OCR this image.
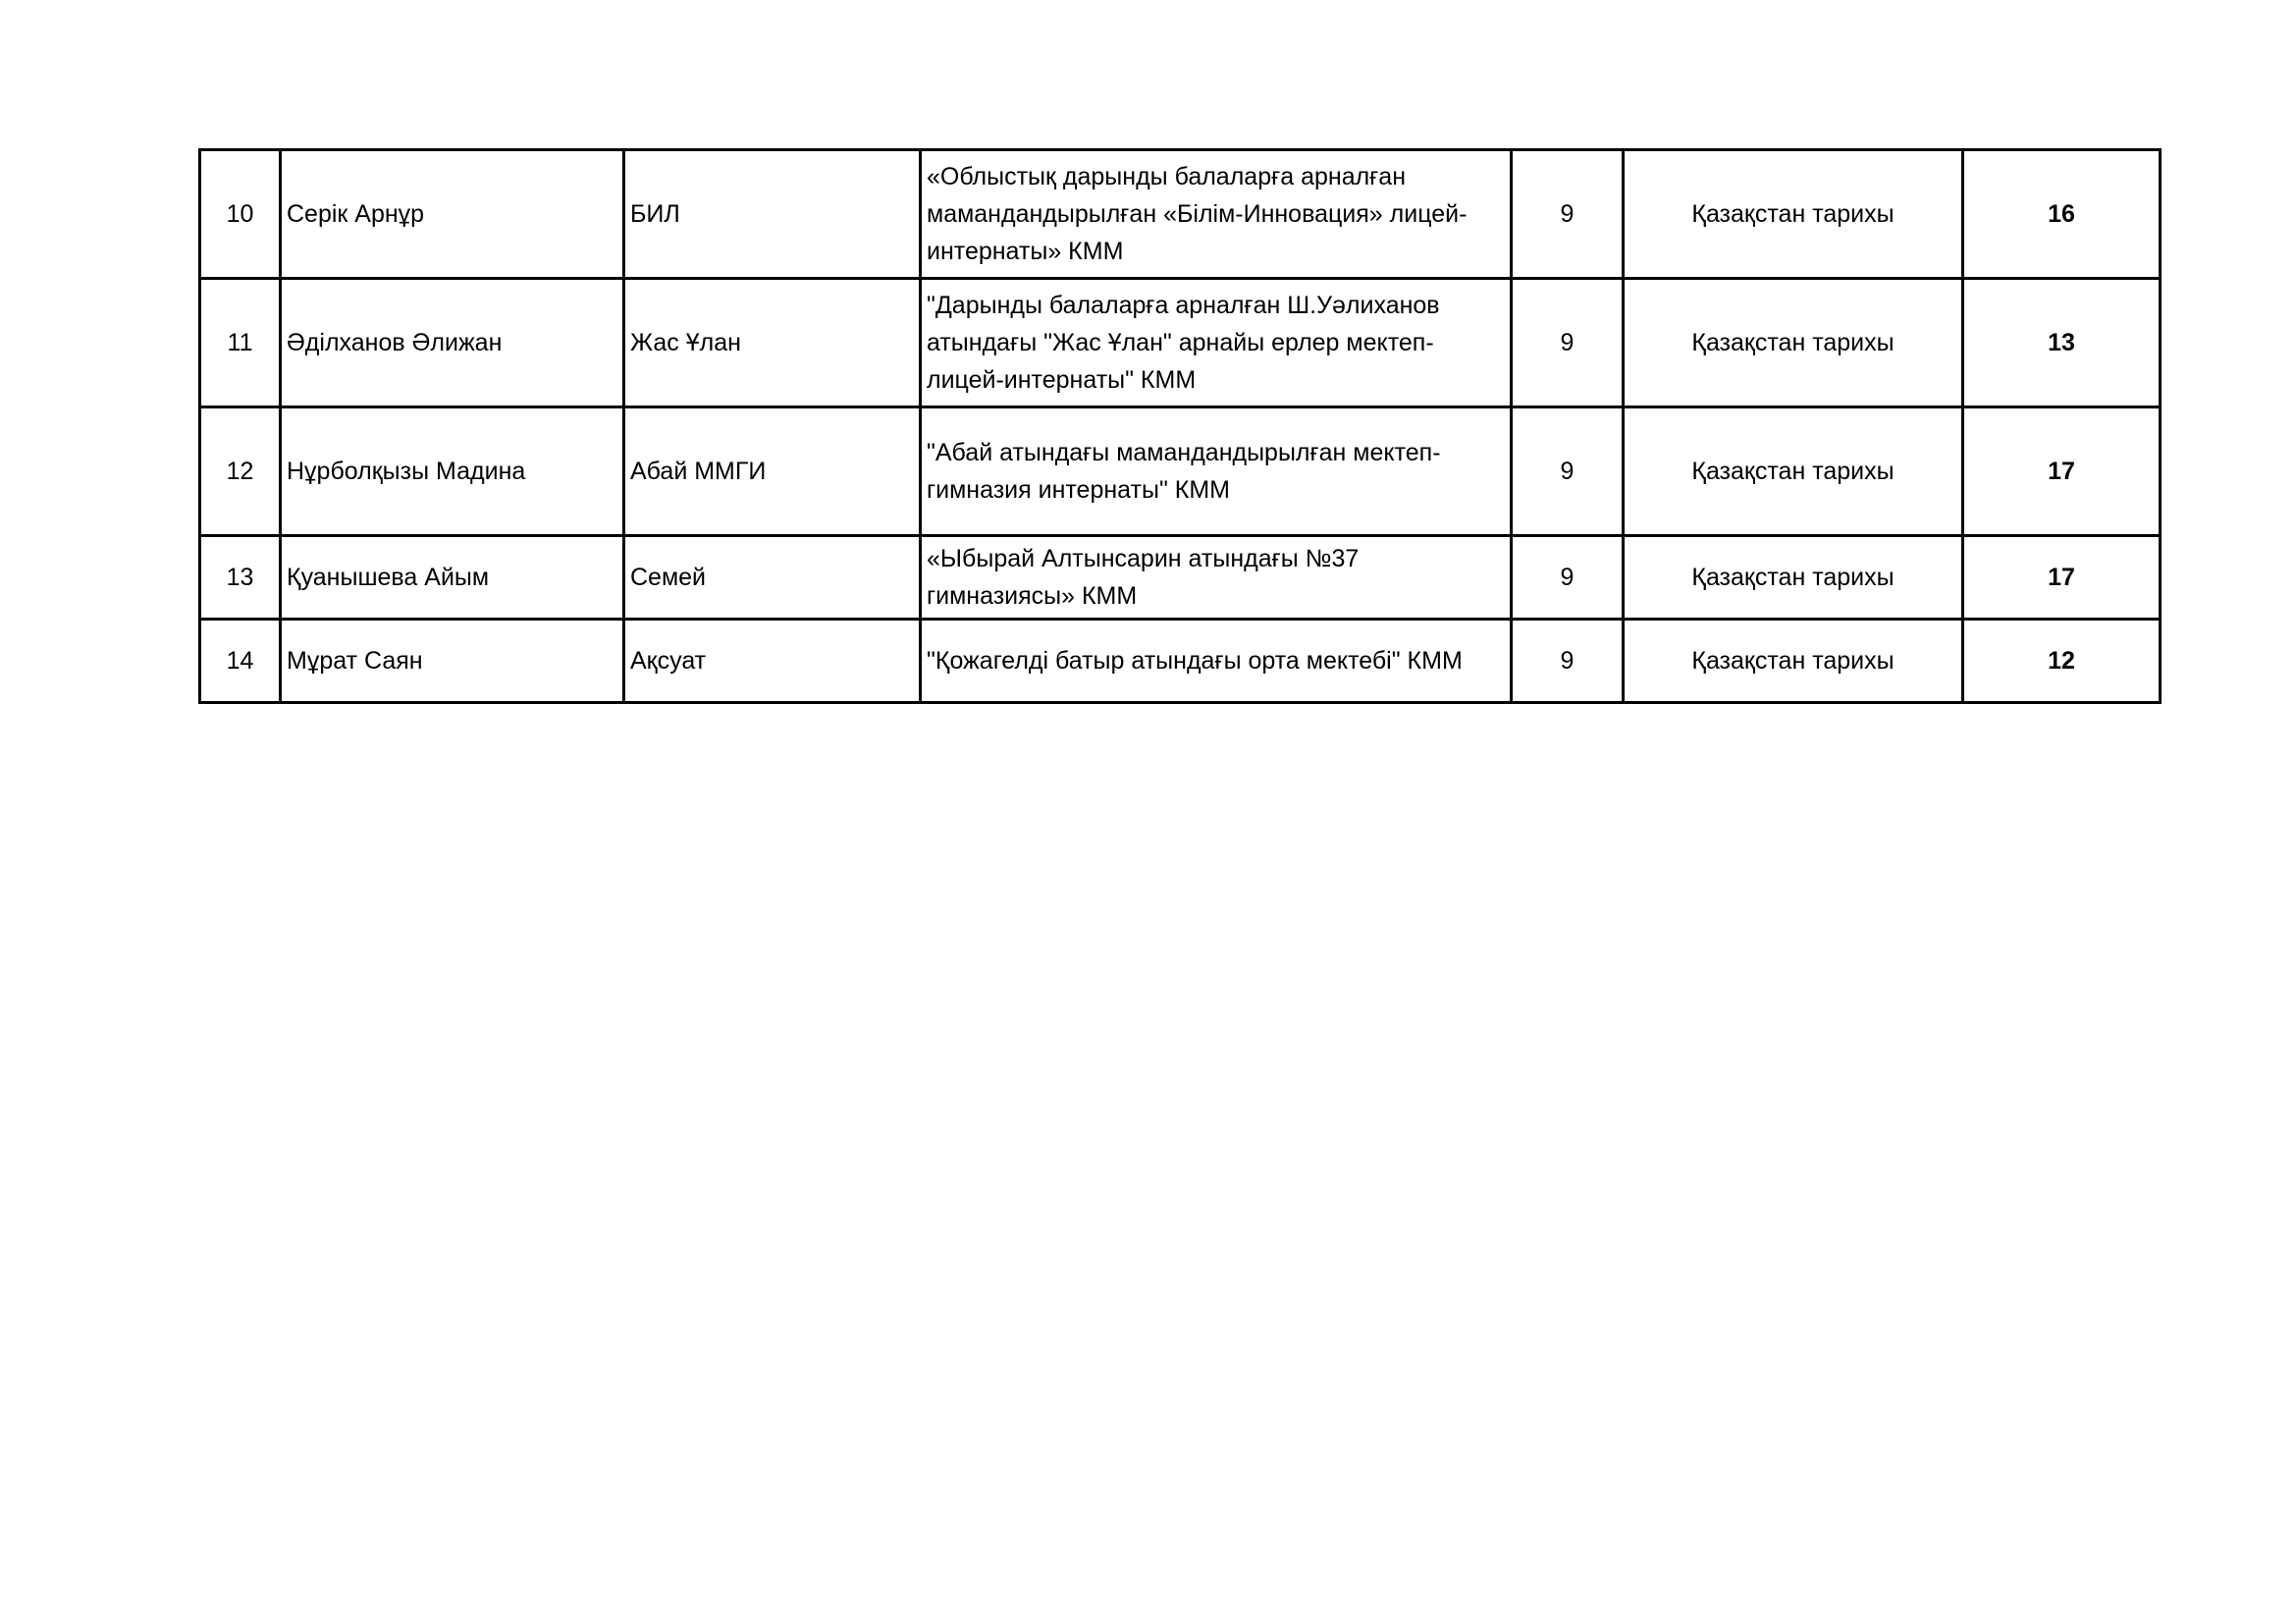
10	Серік Арнұр	БИЛ	«Облыстық дарынды балаларға арналған мамандандырылған «Білім-Инновация» лицей-интернаты» КММ	9	Қазақстан тарихы	16
11	Әділханов Әлижан	Жас Ұлан	"Дарынды балаларға арналған Ш.Уәлиханов атындағы "Жас Ұлан" арнайы ерлер мектеп-лицей-интернаты" КММ	9	Қазақстан тарихы	13
12	Нұрболқызы Мадина	Абай ММГИ	"Абай атындағы мамандандырылған мектеп-гимназия интернаты" КММ	9	Қазақстан тарихы	17
13	Қуанышева Айым	Семей	«Ыбырай Алтынсарин атындағы №37 гимназиясы» КММ	9	Қазақстан тарихы	17
14	Мұрат Саян	Ақсуат	"Қожагелді батыр атындағы орта мектебі" КММ	9	Қазақстан тарихы	12
